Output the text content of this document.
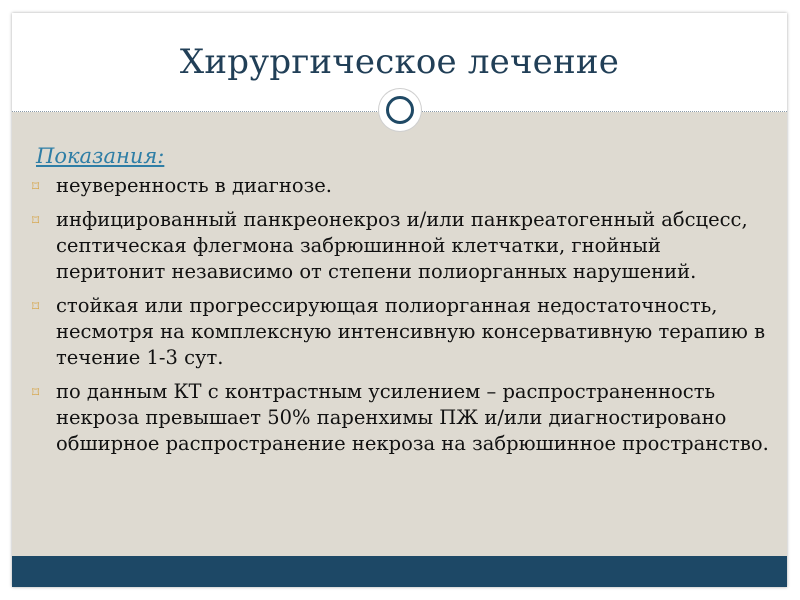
Хирургическое лечение
Показания:
⌑ неуверенность в диагнозе.
⌑ инфицированный панкреонекроз и/или панкреатогенный абсцесс, септическая флегмона забрюшинной клетчатки, гнойный перитонит независимо от степени полиорганных нарушений.
⌑ стойкая или прогрессирующая полиорганная недостаточность, несмотря на комплексную интенсивную консервативную терапию в течение 1-3 сут.
⌑ по данным КТ с контрастным усилением – распространенность некроза превышает 50% паренхимы ПЖ и/или диагностировано обширное распространение некроза на забрюшинное пространство.
